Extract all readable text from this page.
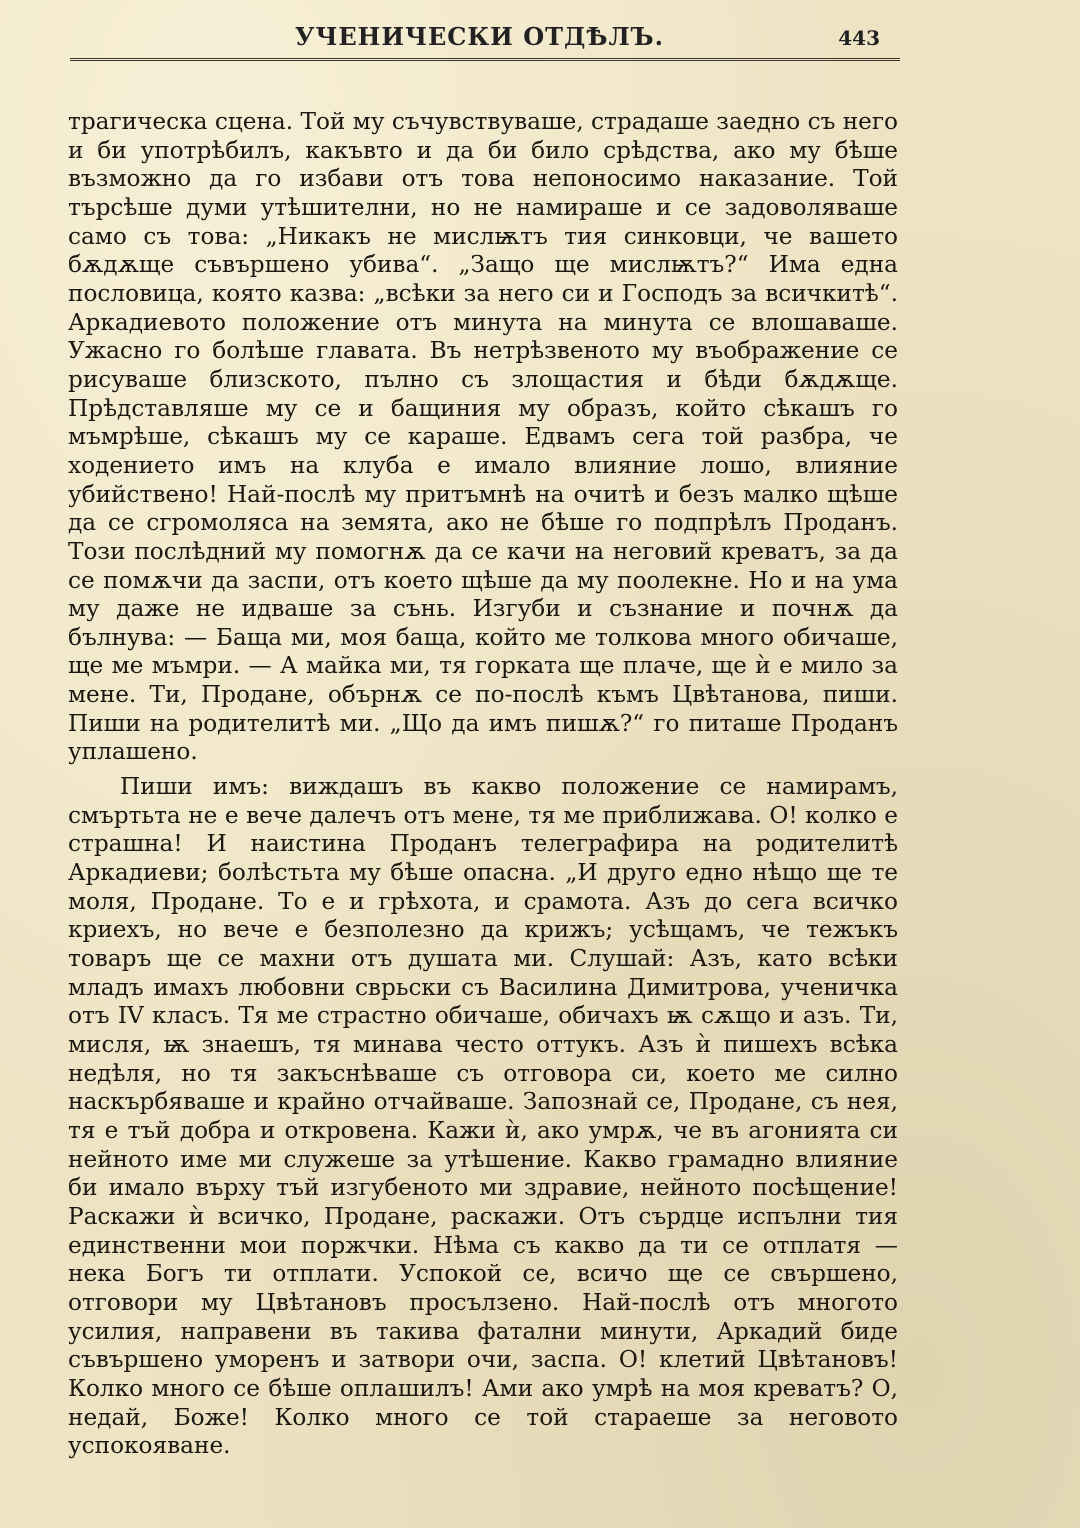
УЧЕНИЧЕСКИ ОТДѢЛЪ.	443

трагическа сцена. Той му съчувствуваше, страдаше заедно съ него и би употрѣбилъ, какъвто и да би било срѣдства, ако му бѣше възможно да го избави отъ това непоносимо наказание. Той търсѣше думи утѣшителни, но не намираше и се задоволяваше само съ това: „Никакъ не мислѭтъ тия синковци, че вашето бѫдѫще съвършено убива“. „Защо ще мислѭтъ?“ Има една пословица, която казва: „всѣки за него си и Господъ за всичкитѣ“. Аркадиевото положение отъ минута на минута се влошаваше. Ужасно го болѣше главата. Въ нетрѣзвеното му въображение се рисуваше близското, пълно съ злощастия и бѣди бѫдѫще. Прѣдставляше му се и бащиния му образъ, който сѣкашъ го мъмрѣше, сѣкашъ му се караше. Едвамъ сега той разбра, че ходението имъ на клуба е имало влияние лошо, влияние убийствено! Най-послѣ му притъмнѣ на очитѣ и безъ малко щѣше да се сгромоляса на земята, ако не бѣше го подпрѣлъ Проданъ. Този послѣдний му помогнѫ да се качи на неговий креватъ, за да се помѫчи да заспи, отъ което щѣше да му поолекне. Но и на ума му даже не идваше за сънь. Изгуби и съзнание и почнѫ да бълнува: — Баща ми, моя баща, който ме толкова много обичаше, ще ме мъмри. — А майка ми, тя горката ще плаче, ще ѝ е мило за мене. Ти, Продане, обърнѫ се по-послѣ къмъ Цвѣтанова, пиши. Пиши на родителитѣ ми. „Що да имъ пишѫ?“ го питаше Проданъ уплашено.

Пиши имъ: виждашъ въ какво положение се намирамъ, смъртьта не е вече далечъ отъ мене, тя ме приближава. О! колко е страшна! И наистина Проданъ телеграфира на родителитѣ Аркадиеви; болѣстьта му бѣше опасна. „И друго едно нѣщо ще те моля, Продане. То е и грѣхота, и срамота. Азъ до сега всичко криехъ, но вече е безполезно да крижъ; усѣщамъ, че тежъкъ товаръ ще се махни отъ душата ми. Слушай: Азъ, като всѣки младъ имахъ любовни сврьски съ Василина Димитрова, ученичка отъ IV класъ. Тя ме страстно обичаше, обичахъ ѭ сѫщо и азъ. Ти, мисля, ѭ знаешъ, тя минава често оттукъ. Азъ ѝ пишехъ всѣка недѣля, но тя закъснѣваше съ отговора си, което ме силно наскърбяваше и крайно отчайваше. Запознай се, Продане, съ нея, тя е тъй добра и откровена. Кажи ѝ, ако умрѫ, че въ агонията си нейното име ми служеше за утѣшение. Какво грамадно влияние би имало върху тъй изгубеното ми здравие, нейното посѣщение! Раскажи ѝ всичко, Продане, раскажи. Отъ сърдце испълни тия единственни мои поржчки. Нѣма съ какво да ти се отплатя — нека Богъ ти отплати. Успокой се, всичо ще се свършено, отговори му Цвѣтановъ просълзено. Най-послѣ отъ многото усилия, направени въ такива фатални минути, Аркадий биде съвършено уморенъ и затвори очи, заспа. О! клетий Цвѣтановъ! Колко много се бѣше оплашилъ! Ами ако умрѣ на моя креватъ? О, недай, Боже! Колко много се той стараеше за неговото успокояване.
